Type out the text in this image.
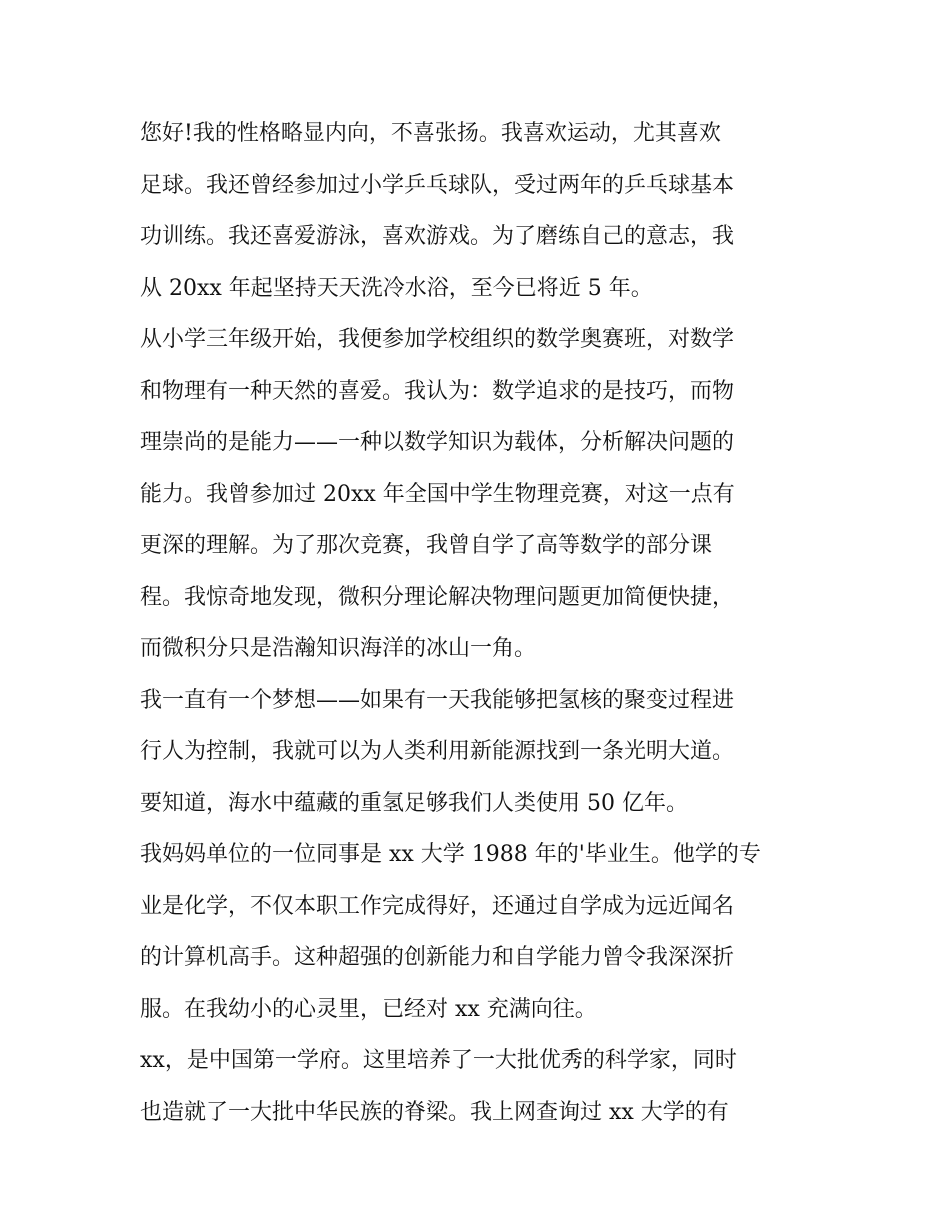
您好!我的性格略显内向，不喜张扬。我喜欢运动，尤其喜欢
足球。我还曾经参加过小学乒乓球队，受过两年的乒乓球基本
功训练。我还喜爱游泳，喜欢游戏。为了磨练自己的意志，我
从 20xx 年起坚持天天洗冷水浴，至今已将近 5 年。
从小学三年级开始，我便参加学校组织的数学奥赛班，对数学
和物理有一种天然的喜爱。我认为：数学追求的是技巧，而物
理崇尚的是能力——一种以数学知识为载体，分析解决问题的
能力。我曾参加过 20xx 年全国中学生物理竞赛，对这一点有
更深的理解。为了那次竞赛，我曾自学了高等数学的部分课
程。我惊奇地发现，微积分理论解决物理问题更加简便快捷，
而微积分只是浩瀚知识海洋的冰山一角。
我一直有一个梦想——如果有一天我能够把氢核的聚变过程进
行人为控制，我就可以为人类利用新能源找到一条光明大道。
要知道，海水中蕴藏的重氢足够我们人类使用 50 亿年。
我妈妈单位的一位同事是 xx 大学 1988 年的'毕业生。他学的专
业是化学，不仅本职工作完成得好，还通过自学成为远近闻名
的计算机高手。这种超强的创新能力和自学能力曾令我深深折
服。在我幼小的心灵里，已经对 xx 充满向往。
xx，是中国第一学府。这里培养了一大批优秀的科学家，同时
也造就了一大批中华民族的脊梁。我上网查询过 xx 大学的有
